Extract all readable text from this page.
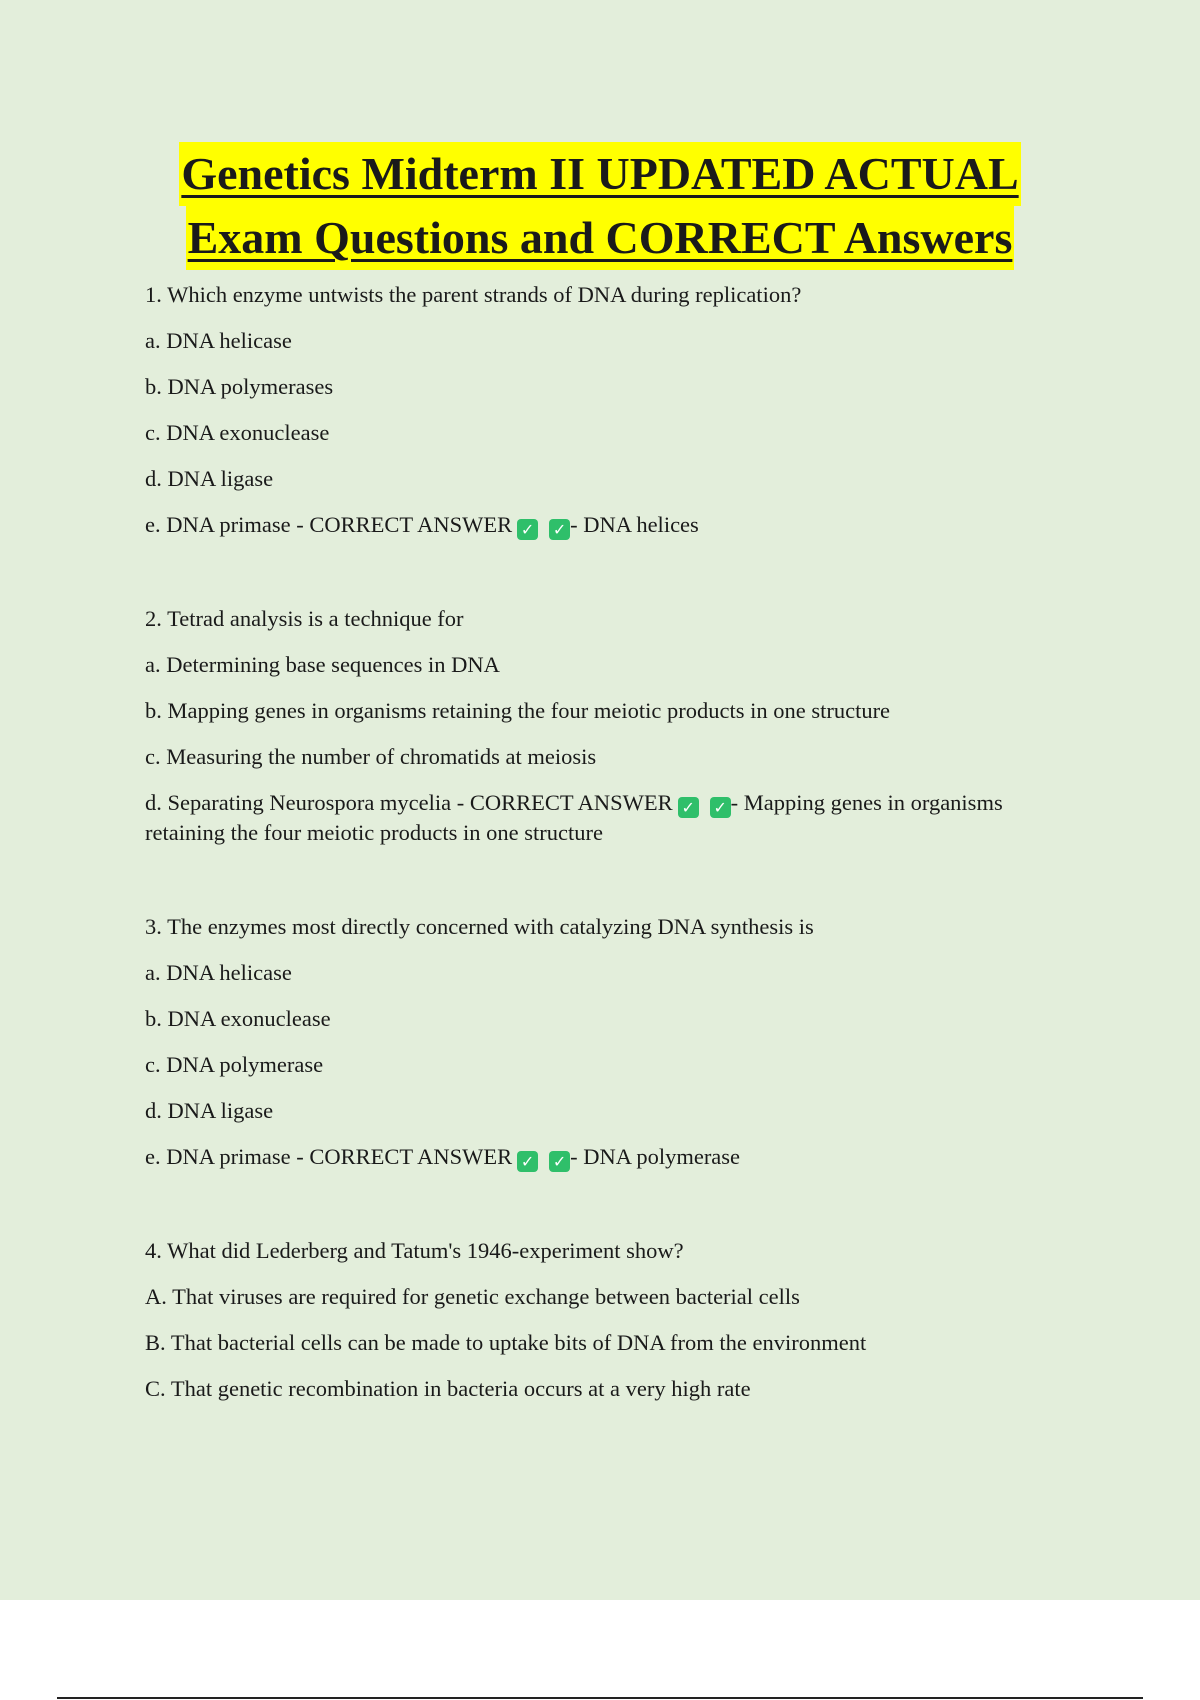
Genetics Midterm II UPDATED ACTUAL
Exam Questions and CORRECT Answers

1. Which enzyme untwists the parent strands of DNA during replication?

a. DNA helicase

b. DNA polymerases

c. DNA exonuclease

d. DNA ligase

e. DNA primase - CORRECT ANSWER ✓ ✓ - DNA helices

2. Tetrad analysis is a technique for

a. Determining base sequences in DNA

b. Mapping genes in organisms retaining the four meiotic products in one structure

c. Measuring the number of chromatids at meiosis

d. Separating Neurospora mycelia - CORRECT ANSWER ✓ ✓ - Mapping genes in organisms retaining the four meiotic products in one structure

3. The enzymes most directly concerned with catalyzing DNA synthesis is

a. DNA helicase

b. DNA exonuclease

c. DNA polymerase

d. DNA ligase

e. DNA primase - CORRECT ANSWER ✓ ✓ - DNA polymerase

4. What did Lederberg and Tatum's 1946-experiment show?

A. That viruses are required for genetic exchange between bacterial cells

B. That bacterial cells can be made to uptake bits of DNA from the environment

C. That genetic recombination in bacteria occurs at a very high rate
